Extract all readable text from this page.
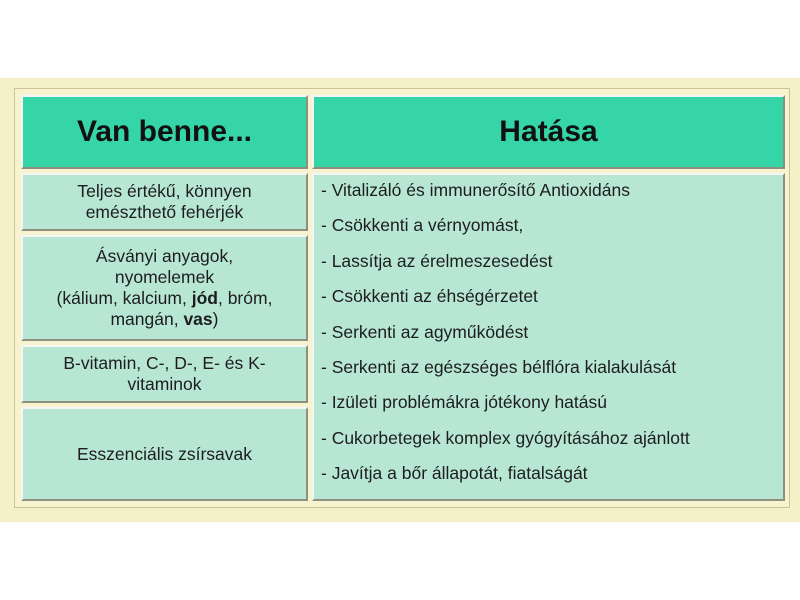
Van benne...	Hatása
Teljes értékű, könnyen emészthető fehérjék
Ásványi anyagok,
nyomelemek
(kálium, kalcium, jód, bróm,
mangán, vas)
B-vitamin, C-, D-, E- és K-vitaminok
Esszenciális zsírsavak
- Vitalizáló és immunerősítő Antioxidáns
- Csökkenti a vérnyomást,
- Lassítja az érelmeszesedést
- Csökkenti az éhségérzetet
- Serkenti az agyműködést
- Serkenti az egészséges bélflóra kialakulását
- Izületi problémákra jótékony hatású
- Cukorbetegek komplex gyógyításához ajánlott
- Javítja a bőr állapotát, fiatalságát
